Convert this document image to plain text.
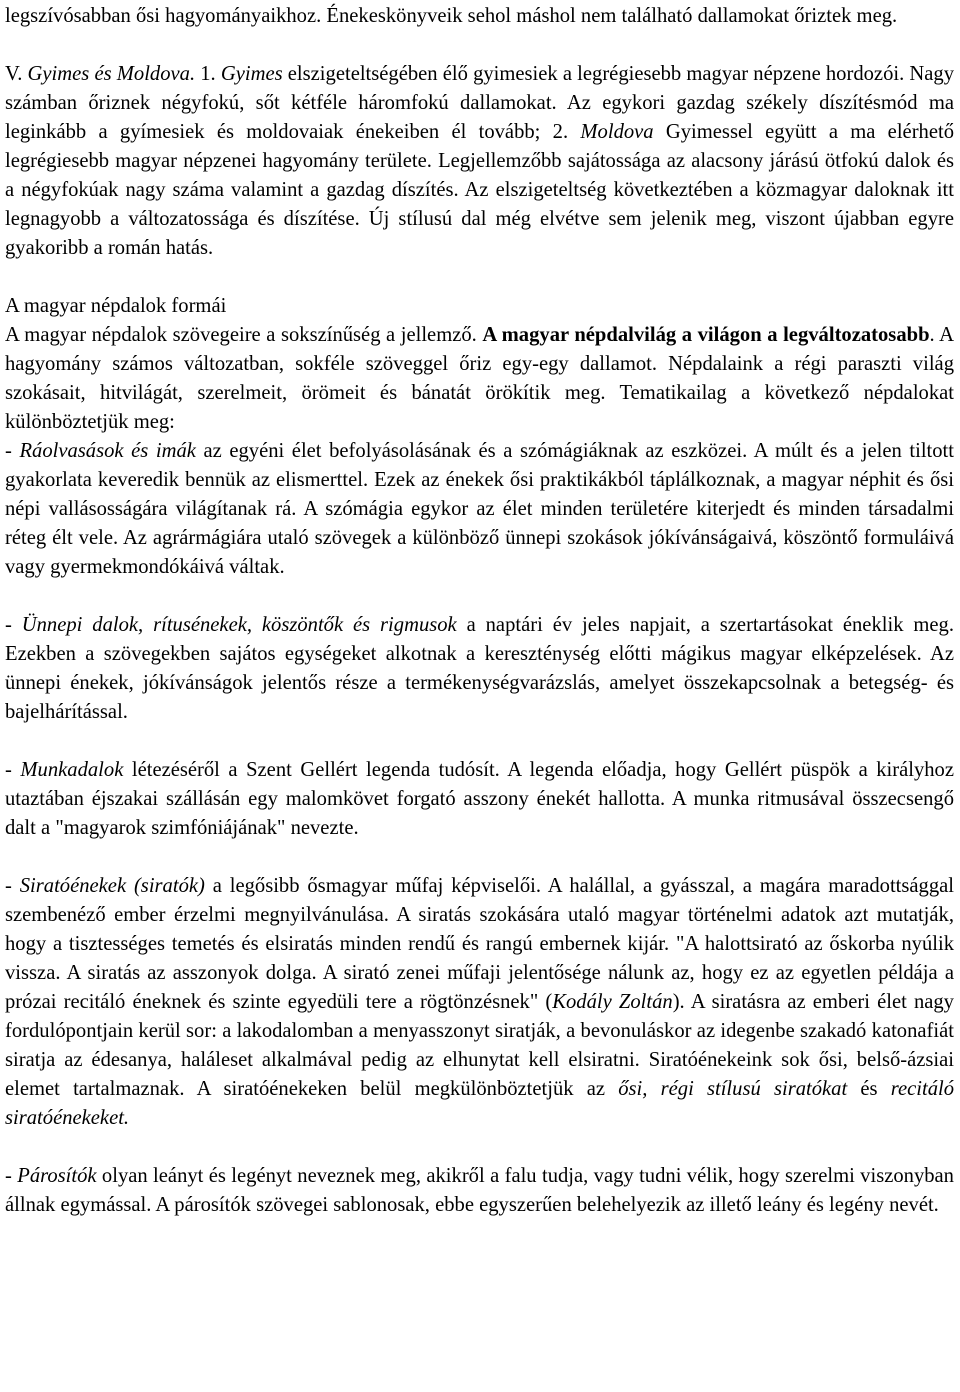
legszívósabban ősi hagyományaikhoz. Énekeskönyveik sehol máshol nem található dallamokat őriztek meg.

V. Gyimes és Moldova. 1. Gyimes elszigeteltségében élő gyimesiek a legrégiesebb magyar népzene hordozói. Nagy számban őriznek négyfokú, sőt kétféle háromfokú dallamokat. Az egykori gazdag székely díszítésmód ma leginkább a gyímesiek és moldovaiak énekeiben él tovább; 2. Moldova Gyimessel együtt a ma elérhető legrégiesebb magyar népzenei hagyomány területe. Legjellemzőbb sajátossága az alacsony járású ötfokú dalok és a négyfokúak nagy száma valamint a gazdag díszítés. Az elszigeteltség következtében a közmagyar daloknak itt legnagyobb a változatossága és díszítése. Új stílusú dal még elvétve sem jelenik meg, viszont újabban egyre gyakoribb a román hatás.

A magyar népdalok formái

A magyar népdalok szövegeire a sokszínűség a jellemző. A magyar népdalvilág a világon a legváltozatosabb. A hagyomány számos változatban, sokféle szöveggel őriz egy-egy dallamot. Népdalaink a régi paraszti világ szokásait, hitvilágát, szerelmeit, örömeit és bánatát örökítik meg. Tematikailag a következő népdalokat különböztetjük meg:

- Ráolvasások és imák az egyéni élet befolyásolásának és a szómágiáknak az eszközei. A múlt és a jelen tiltott gyakorlata keveredik bennük az elismerttel. Ezek az énekek ősi praktikákból táplálkoznak, a magyar néphit és ősi népi vallásosságára világítanak rá. A szómágia egykor az élet minden területére kiterjedt és minden társadalmi réteg élt vele. Az agrármágiára utaló szövegek a különböző ünnepi szokások jókívánságaivá, köszöntő formuláivá vagy gyermekmondókáivá váltak.

- Ünnepi dalok, rítusénekek, köszöntők és rigmusok a naptári év jeles napjait, a szertartásokat éneklik meg. Ezekben a szövegekben sajátos egységeket alkotnak a kereszténység előtti mágikus magyar elképzelések. Az ünnepi énekek, jókívánságok jelentős része a termékenységvarázslás, amelyet összekapcsolnak a betegség- és bajelhárítással.

- Munkadalok létezéséről a Szent Gellért legenda tudósít. A legenda előadja, hogy Gellért püspök a királyhoz utaztában éjszakai szállásán egy malomkövet forgató asszony énekét hallotta. A munka ritmusával összecsengő dalt a "magyarok szimfóniájának" nevezte.

- Siratóénekek (siratók) a legősibb ősmagyar műfaj képviselői. A halállal, a gyásszal, a magára maradottsággal szembenéző ember érzelmi megnyilvánulása. A siratás szokására utaló magyar történelmi adatok azt mutatják, hogy a tisztességes temetés és elsiratás minden rendű és rangú embernek kijár. "A halottsirató az őskorba nyúlik vissza. A siratás az asszonyok dolga. A sirató zenei műfaji jelentősége nálunk az, hogy ez az egyetlen példája a prózai recitáló éneknek és szinte egyedüli tere a rögtönzésnek" (Kodály Zoltán). A siratásra az emberi élet nagy fordulópontjain kerül sor: a lakodalomban a menyasszonyt siratják, a bevonuláskor az idegenbe szakadó katonafiát siratja az édesanya, haláleset alkalmával pedig az elhunytat kell elsiratni. Siratóénekeink sok ősi, belső-ázsiai elemet tartalmaznak. A siratóénekeken belül megkülönböztetjük az ősi, régi stílusú siratókat és recitáló siratóénekeket.

- Párosítók olyan leányt és legényt neveznek meg, akikről a falu tudja, vagy tudni vélik, hogy szerelmi viszonyban állnak egymással. A párosítók szövegei sablonosak, ebbe egyszerűen belehelyezik az illető leány és legény nevét.
